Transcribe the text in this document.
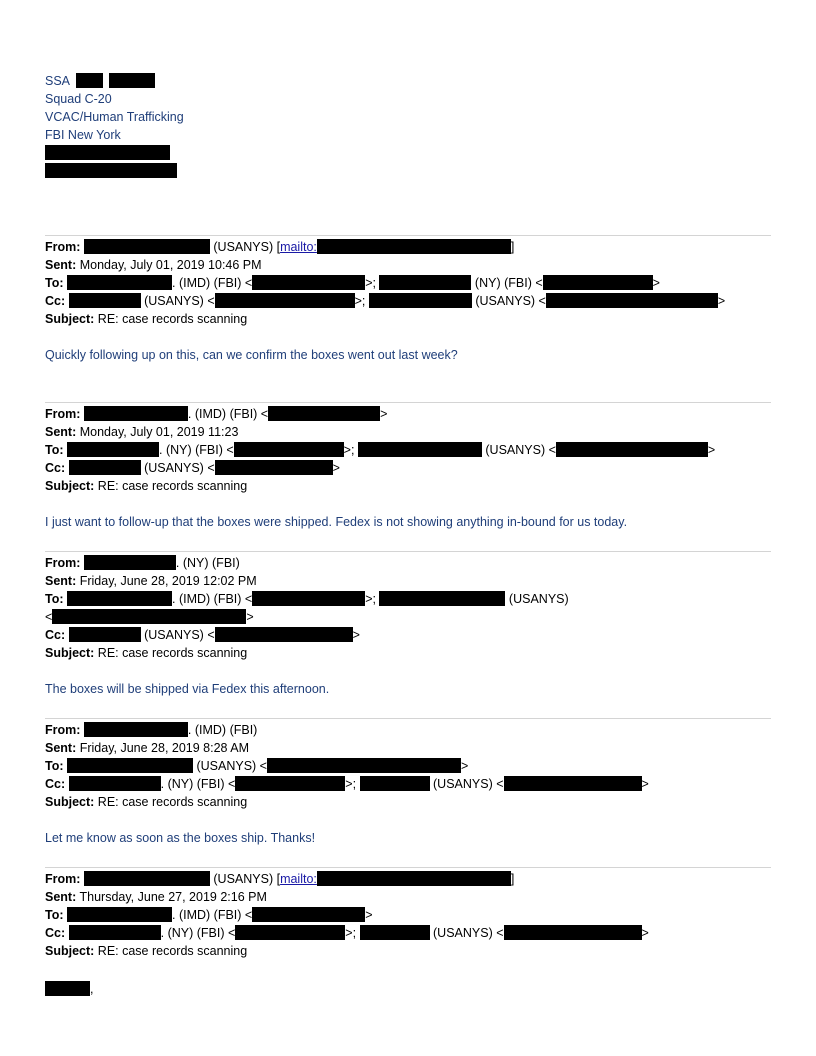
SSA
Squad C-20
VCAC/Human Trafficking
FBI New York
From:	(USANYS) [mailto:	]
Sent: Monday, July 01, 2019 10:46 PM
To:	. (IMD) (FBI) <	>;	(NY) (FBI) <	>
Cc:	(USANYS) <	>;	(USANYS) <	>
Subject: RE: case records scanning
Quickly following up on this, can we confirm the boxes went out last week?
From:	. (IMD) (FBI) <	>
Sent: Monday, July 01, 2019 11:23
To:	. (NY) (FBI) <	>;	(USANYS) <	>
Cc:	(USANYS) <	>
Subject: RE: case records scanning
I just want to follow-up that the boxes were shipped. Fedex is not showing anything in-bound for us today.
From:	. (NY) (FBI)
Sent: Friday, June 28, 2019 12:02 PM
To:	. (IMD) (FBI) <	>;	(USANYS)
<	>
Cc:	(USANYS) <	>
Subject: RE: case records scanning
The boxes will be shipped via Fedex this afternoon.
From:	. (IMD) (FBI)
Sent: Friday, June 28, 2019 8:28 AM
To:	(USANYS) <	>
Cc:	. (NY) (FBI) <	>;	(USANYS) <	>
Subject: RE: case records scanning
Let me know as soon as the boxes ship. Thanks!
From:	(USANYS) [mailto:	]
Sent: Thursday, June 27, 2019 2:16 PM
To:	. (IMD) (FBI) <	>
Cc:	. (NY) (FBI) <	>;	(USANYS) <	>
Subject: RE: case records scanning
,
